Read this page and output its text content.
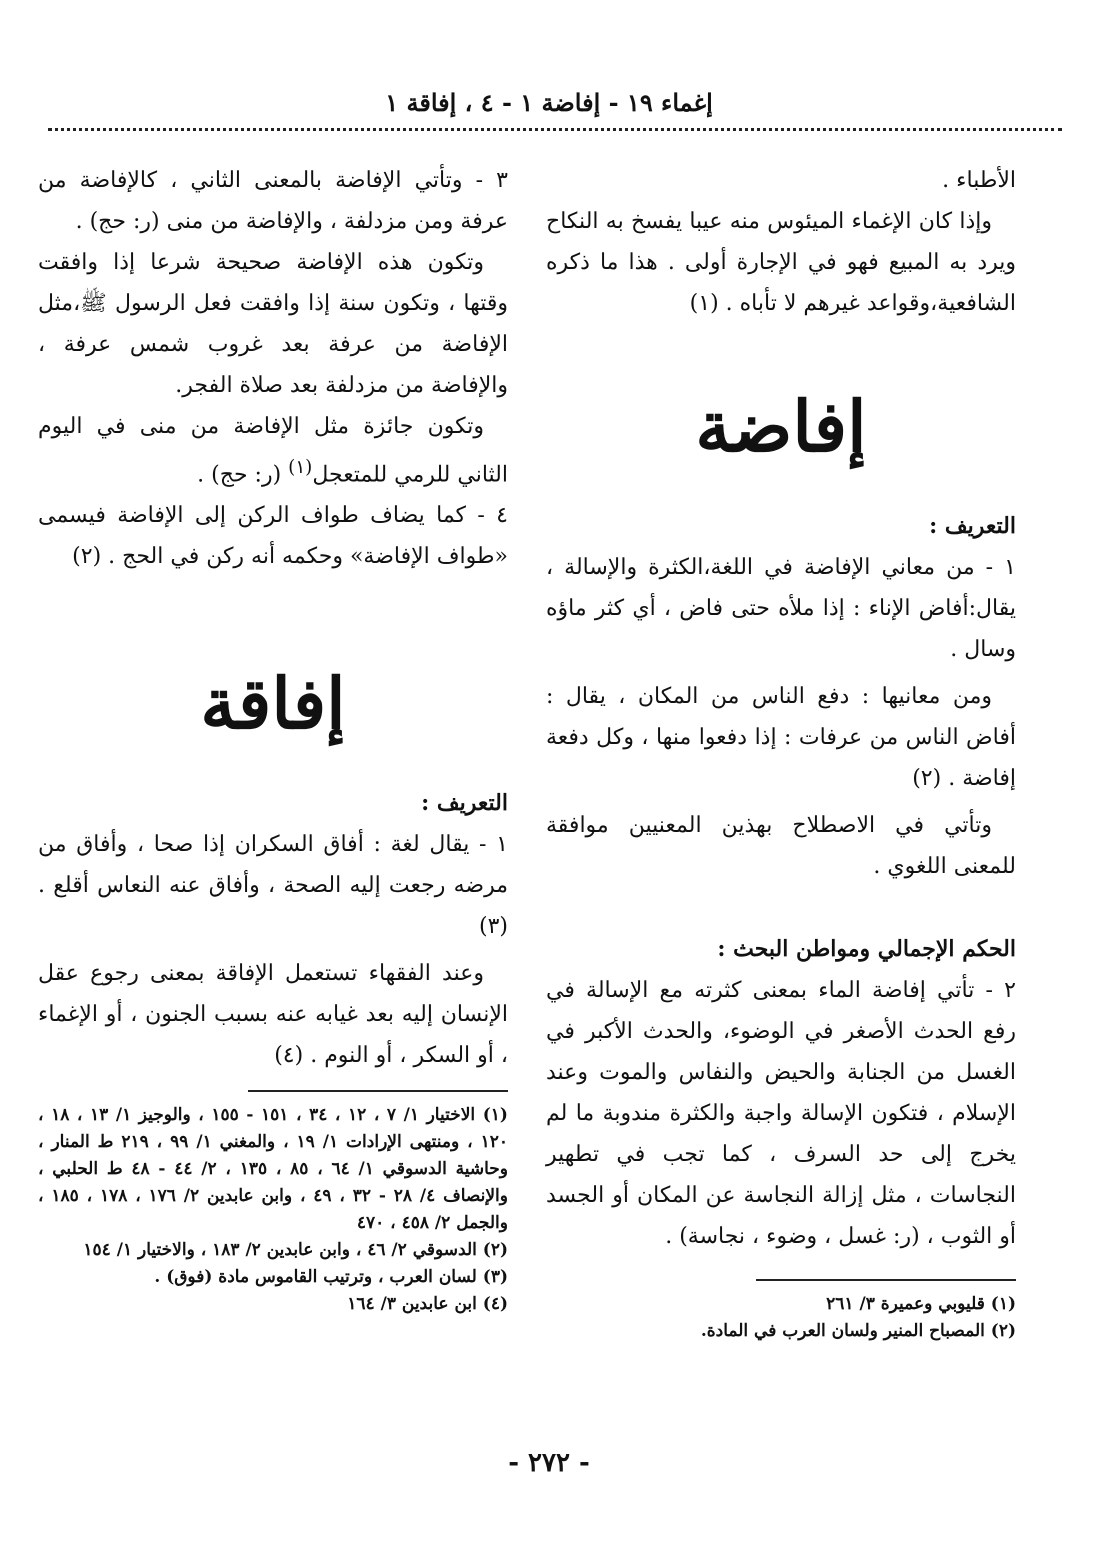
إغماء ١٩ - إفاضة ١ - ٤ ، إفاقة ١

الأطباء .

وإذا كان الإغماء الميئوس منه عيبا يفسخ به النكاح ويرد به المبيع فهو في الإجارة أولى . هذا ما ذكره الشافعية،وقواعد غيرهم لا تأباه . (١)

إفاضة

التعريف :

١ - من معاني الإفاضة في اللغة،الكثرة والإسالة ، يقال:أفاض الإناء : إذا ملأه حتى فاض ، أي كثر ماؤه وسال .

ومن معانيها : دفع الناس من المكان ، يقال : أفاض الناس من عرفات : إذا دفعوا منها ، وكل دفعة إفاضة . (٢)

وتأتي في الاصطلاح بهذين المعنيين موافقة للمعنى اللغوي .

الحكم الإجمالي ومواطن البحث :

٢ - تأتي إفاضة الماء بمعنى كثرته مع الإسالة في رفع الحدث الأصغر في الوضوء، والحدث الأكبر في الغسل من الجنابة والحيض والنفاس والموت وعند الإسلام ، فتكون الإسالة واجبة والكثرة مندوبة ما لم يخرج إلى حد السرف ، كما تجب في تطهير النجاسات ، مثل إزالة النجاسة عن المكان أو الجسد أو الثوب ، (ر: غسل ، وضوء ، نجاسة) .

(١) قليوبي وعميرة ٣/ ٢٦١

(٢) المصباح المنير ولسان العرب في المادة.

٣ - وتأتي الإفاضة بالمعنى الثاني ، كالإفاضة من عرفة ومن مزدلفة ، والإفاضة من منى (ر: حج) .

وتكون هذه الإفاضة صحيحة شرعا إذا وافقت وقتها ، وتكون سنة إذا وافقت فعل الرسول ﷺ،مثل الإفاضة من عرفة بعد غروب شمس عرفة ، والإفاضة من مزدلفة بعد صلاة الفجر.

وتكون جائزة مثل الإفاضة من منى في اليوم الثاني للرمي للمتعجل$^{(١)}$ (ر: حج) .

٤ - كما يضاف طواف الركن إلى الإفاضة فيسمى «طواف الإفاضة» وحكمه أنه ركن في الحج . (٢)

إفاقة

التعريف :

١ - يقال لغة : أفاق السكران إذا صحا ، وأفاق من مرضه رجعت إليه الصحة ، وأفاق عنه النعاس أقلع . (٣)

وعند الفقهاء تستعمل الإفاقة بمعنى رجوع عقل الإنسان إليه بعد غيابه عنه بسبب الجنون ، أو الإغماء ، أو السكر ، أو النوم . (٤)

(١) الاختيار ١/ ٧ ، ١٢ ، ٣٤ ، ١٥١ - ١٥٥ ، والوجيز ١/ ١٣ ، ١٨ ، ١٢٠ ، ومنتهى الإرادات ١/ ١٩ ، والمغني ١/ ٩٩ ، ٢١٩ ط المنار ، وحاشية الدسوقي ١/ ٦٤ ، ٨٥ ، ١٣٥ ، ٢/ ٤٤ - ٤٨ ط الحلبي ، والإنصاف ٤/ ٢٨ - ٣٢ ، ٤٩ ، وابن عابدين ٢/ ١٧٦ ، ١٧٨ ، ١٨٥ ، والجمل ٢/ ٤٥٨ ، ٤٧٠

(٢) الدسوقي ٢/ ٤٦ ، وابن عابدين ٢/ ١٨٣ ، والاختيار ١/ ١٥٤

(٣) لسان العرب ، وترتيب القاموس مادة (فوق) .

(٤) ابن عابدين ٣/ ١٦٤

- ٢٧٢ -
